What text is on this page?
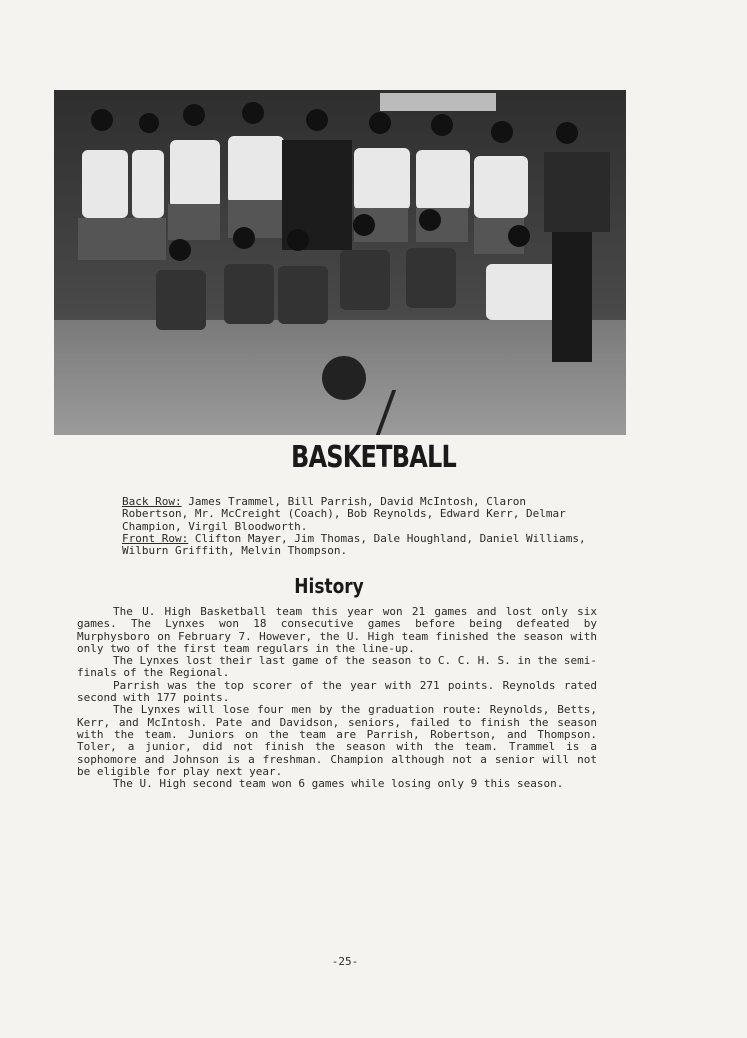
BASKETBALL
Back Row: James Trammel, Bill Parrish, David McIntosh, Claron Robertson, Mr. McCreight (Coach), Bob Reynolds, Edward Kerr, Delmar Champion, Virgil Bloodworth.
Front Row: Clifton Mayer, Jim Thomas, Dale Houghland, Daniel Williams, Wilburn Griffith, Melvin Thompson.
History

The U. High Basketball team this year won 21 games and lost only six games. The Lynxes won 18 consecutive games before being defeated by Murphysboro on February 7. However, the U. High team finished the season with only two of the first team regulars in the line-up.

The Lynxes lost their last game of the season to C. C. H. S. in the semi-finals of the Regional.

Parrish was the top scorer of the year with 271 points. Reynolds rated second with 177 points.

The Lynxes will lose four men by the graduation route: Reynolds, Betts, Kerr, and McIntosh. Pate and Davidson, seniors, failed to finish the season with the team. Juniors on the team are Parrish, Robertson, and Thompson. Toler, a junior, did not finish the season with the team. Trammel is a sophomore and Johnson is a freshman. Champion although not a senior will not be eligible for play next year.

The U. High second team won 6 games while losing only 9 this season.

-25-
